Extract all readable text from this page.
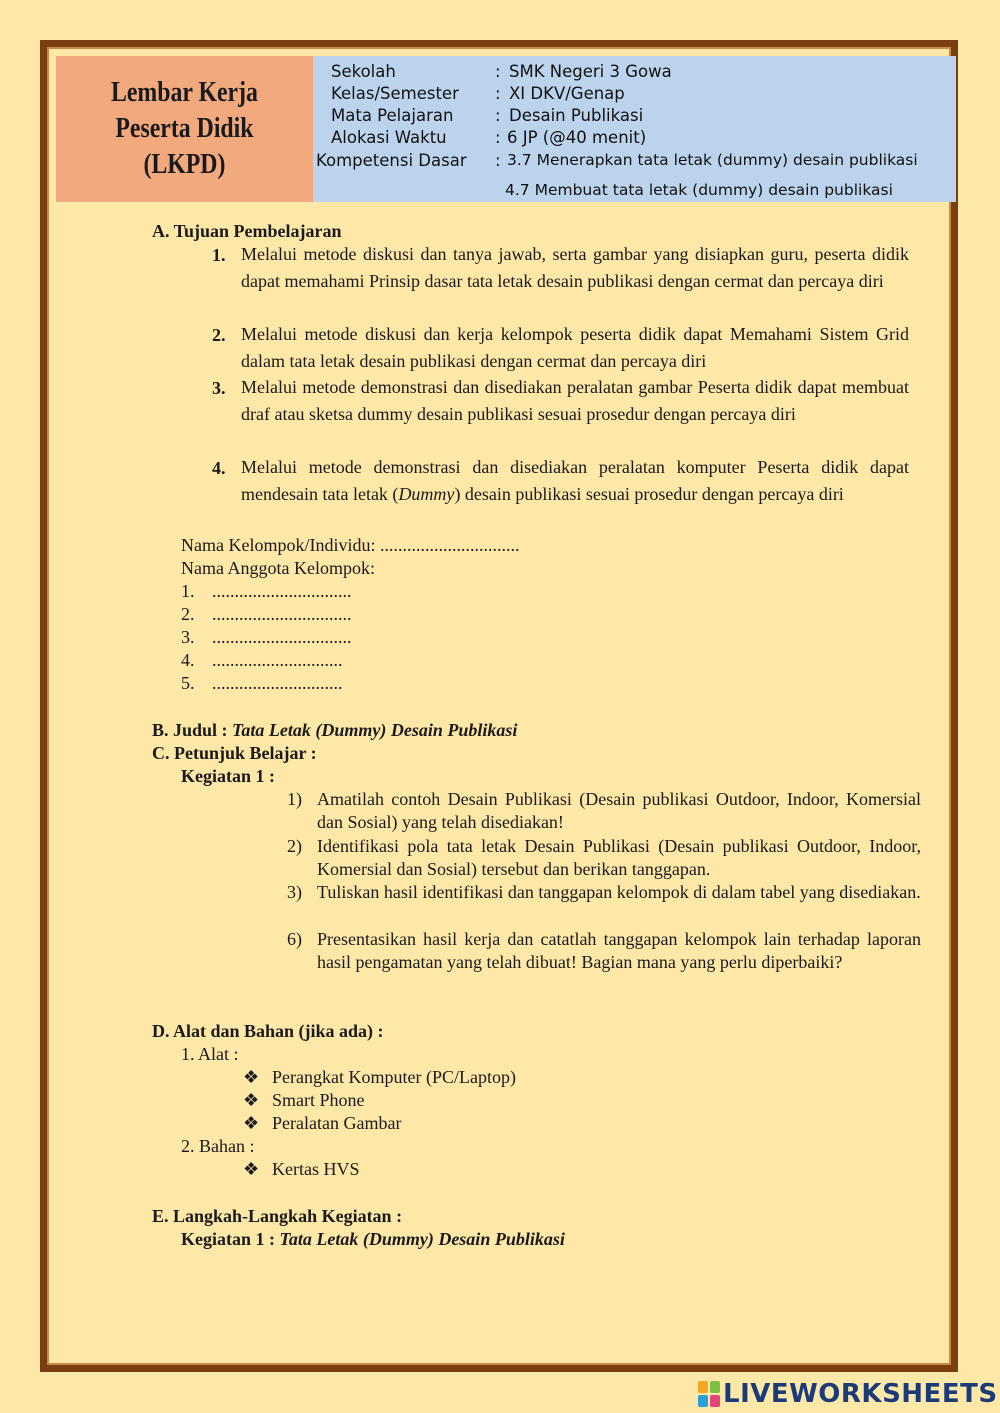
Lembar Kerja
Peserta Didik
(LKPD)
Sekolah	: SMK Negeri 3 Gowa
Kelas/Semester : XI DKV/Genap
Mata Pelajaran	: Desain Publikasi
Alokasi Waktu	: 6 JP (@40 menit)
Kompetensi Dasar : 3.7 Menerapkan tata letak (dummy) desain publikasi
4.7 Membuat tata letak (dummy) desain publikasi
A. Tujuan Pembelajaran
1. Melalui metode diskusi dan tanya jawab, serta gambar yang disiapkan guru, peserta didik dapat memahami Prinsip dasar tata letak desain publikasi dengan cermat dan percaya diri
2. Melalui metode diskusi dan kerja kelompok peserta didik dapat Memahami Sistem Grid dalam tata letak desain publikasi dengan cermat dan percaya diri
3. Melalui metode demonstrasi dan disediakan peralatan gambar Peserta didik dapat membuat draf atau sketsa dummy desain publikasi sesuai prosedur dengan percaya diri
4. Melalui metode demonstrasi dan disediakan peralatan komputer Peserta didik dapat mendesain tata letak (Dummy) desain publikasi sesuai prosedur dengan percaya diri
Nama Kelompok/Individu: ...............................
Nama Anggota Kelompok:
1. ...............................
2. ...............................
3. ...............................
4. .............................
5. .............................
B. Judul : Tata Letak (Dummy) Desain Publikasi
C. Petunjuk Belajar :
Kegiatan 1 :
1) Amatilah contoh Desain Publikasi (Desain publikasi Outdoor, Indoor, Komersial dan Sosial) yang telah disediakan!
2) Identifikasi pola tata letak Desain Publikasi (Desain publikasi Outdoor, Indoor, Komersial dan Sosial) tersebut dan berikan tanggapan.
3) Tuliskan hasil identifikasi dan tanggapan kelompok di dalam tabel yang disediakan.
6) Presentasikan hasil kerja dan catatlah tanggapan kelompok lain terhadap laporan hasil pengamatan yang telah dibuat! Bagian mana yang perlu diperbaiki?
D. Alat dan Bahan (jika ada) :
1. Alat :
❖ Perangkat Komputer (PC/Laptop)
❖ Smart Phone
❖ Peralatan Gambar
2. Bahan :
❖ Kertas HVS
E. Langkah-Langkah Kegiatan :
Kegiatan 1 : Tata Letak (Dummy) Desain Publikasi
LIVEWORKSHEETS
